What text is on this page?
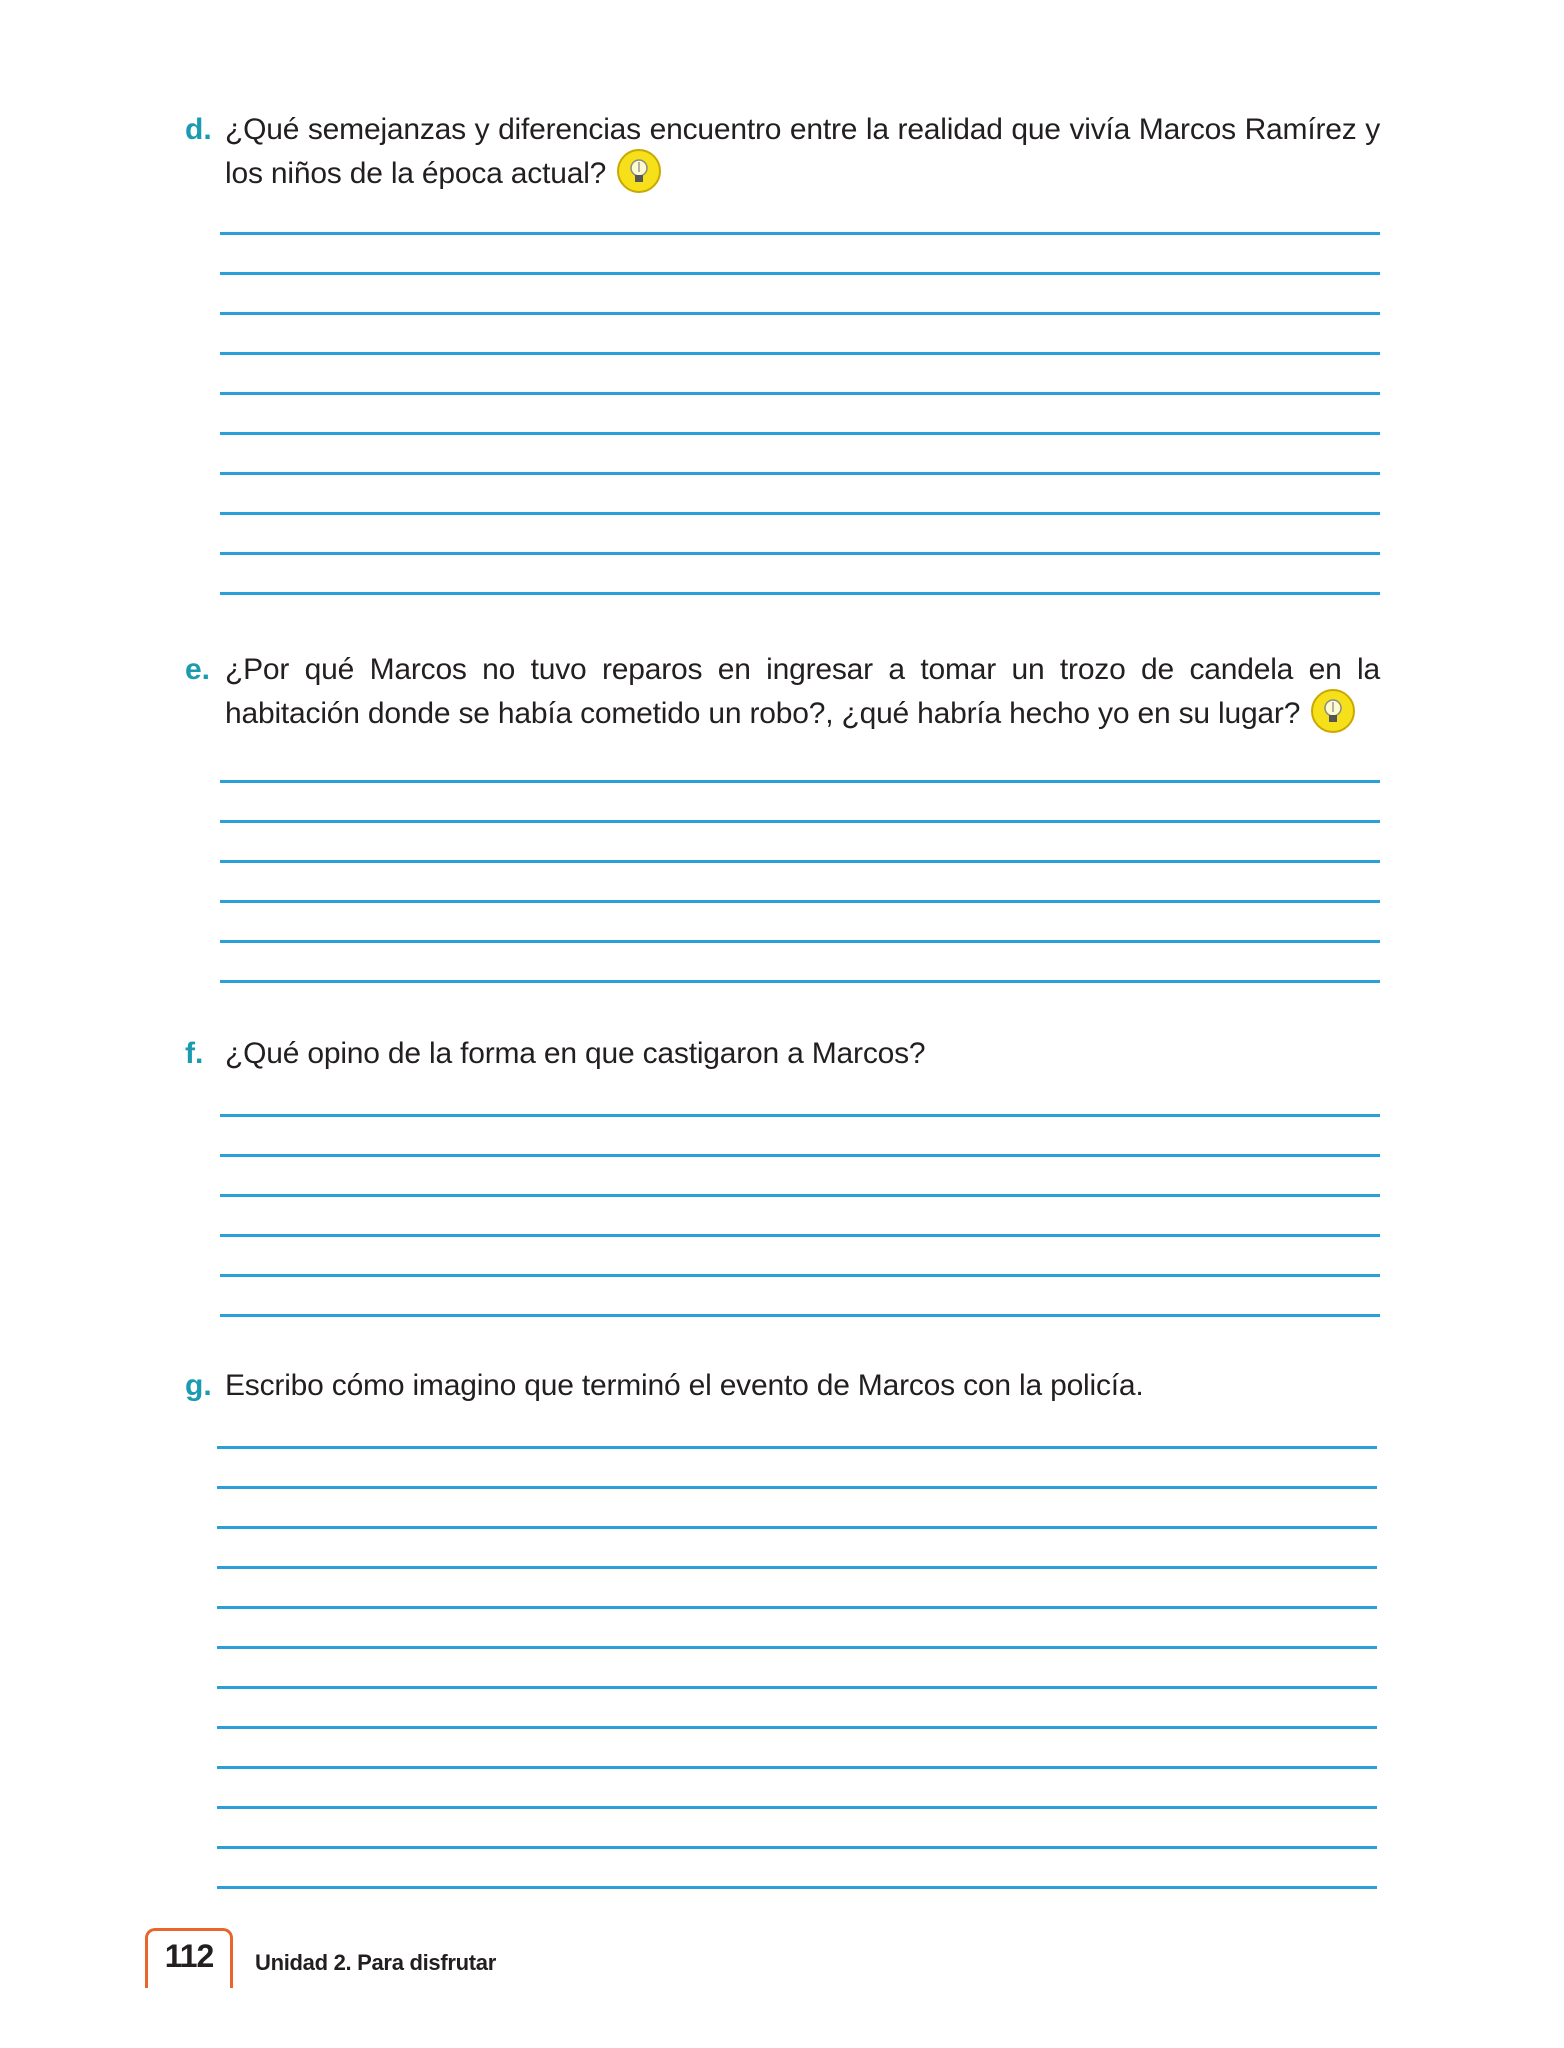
d. ¿Qué semejanzas y diferencias encuentro entre la realidad que vivía Marcos Ramírez y los niños de la época actual?
e. ¿Por qué Marcos no tuvo reparos en ingresar a tomar un trozo de candela en la habitación donde se había cometido un robo?, ¿qué habría hecho yo en su lugar?
f. ¿Qué opino de la forma en que castigaron a Marcos?
g. Escribo cómo imagino que terminó el evento de Marcos con la policía.
112	Unidad 2. Para disfrutar
